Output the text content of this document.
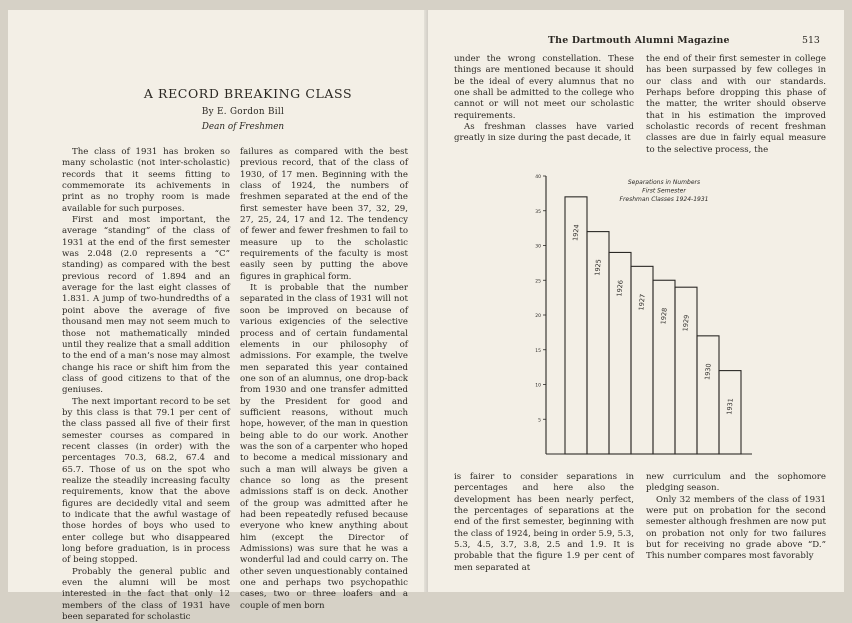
A RECORD BREAKING CLASS
By E. Gordon Bill
Dean of Freshmen

The class of 1931 has broken so many scholastic (not inter-scholastic) records that it seems fitting to commemorate its achivements in print as no trophy room is made available for such purposes.

First and most important, the average “standing” of the class of 1931 at the end of the first semester was 2.048 (2.0 represents a “C” standing) as compared with the best previous record of 1.894 and an average for the last eight classes of 1.831. A jump of two-hundredths of a point above the average of five thousand men may not seem much to those not mathematically minded until they realize that a small addition to the end of a man’s nose may almost change his race or shift him from the class of good citizens to that of the geniuses.

The next important record to be set by this class is that 79.1 per cent of the class passed all five of their first semester courses as compared in recent classes (in order) with the percentages 70.3, 68.2, 67.4 and 65.7. Those of us on the spot who realize the steadily increasing faculty requirements, know that the above figures are decidedly vital and seem to indicate that the awful wastage of those hordes of boys who used to enter college but who disappeared long before graduation, is in process of being stopped.

Probably the general public and even the alumni will be most interested in the fact that only 12 members of the class of 1931 have been separated for scholastic

failures as compared with the best previous record, that of the class of 1930, of 17 men. Beginning with the class of 1924, the numbers of freshmen separated at the end of the first semester have been 37, 32, 29, 27, 25, 24, 17 and 12. The tendency of fewer and fewer freshmen to fail to measure up to the scholastic requirements of the faculty is most easily seen by putting the above figures in graphical form.

It is probable that the number separated in the class of 1931 will not soon be improved on because of various exigencies of the selective process and of certain fundamental elements in our philosophy of admissions. For example, the twelve men separated this year contained one son of an alumnus, one drop-back from 1930 and one transfer admitted by the President for good and sufficient reasons, without much hope, however, of the man in question being able to do our work. Another was the son of a carpenter who hoped to become a medical missionary and such a man will always be given a chance so long as the present admissions staff is on deck. Another of the group was admitted after he had been repeatedly refused because everyone who knew anything about him (except the Director of Admissions) was sure that he was a wonderful lad and could carry on. The other seven unquestionably contained one and perhaps two psychopathic cases, two or three loafers and a couple of men born

The Dartmouth Alumni Magazine	513

under the wrong constellation. These things are mentioned because it should be the ideal of every alumnus that no one shall be admitted to the college who cannot or will not meet our scholastic requirements.

As freshman classes have varied greatly in size during the past decade, it

the end of their first semester in college has been surpassed by few colleges in our class and with our standards. Perhaps before dropping this phase of the matter, the writer should observe that in his estimation the improved scholastic records of recent freshman classes are due in fairly equal measure to the selective process, the

Separations in Numbers
First Semester
Freshman Classes 1924-1931
40
35
30
25
20
15
10
5
1924
1925
1926
1927
1928 1929
1930
1931

is fairer to consider separations in percentages and here also the development has been nearly perfect, the percentages of separations at the end of the first semester, beginning with the class of 1924, being in order 5.9, 5.3, 5.3, 4.5, 3.7, 3.8, 2.5 and 1.9. It is probable that the figure 1.9 per cent of men separated at

new curriculum and the sophomore pledging season.

Only 32 members of the class of 1931 were put on probation for the second semester although freshmen are now put on probation not only for two failures but for receiving no grade above “D.” This number compares most favorably
